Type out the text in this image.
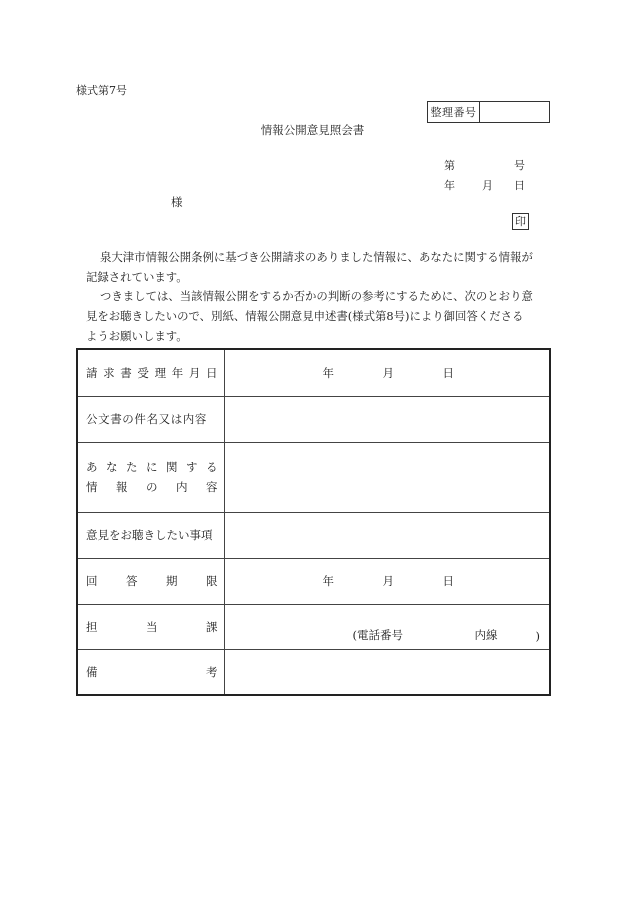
様式第7号
整理番号
情報公開意見照会書
第	号
年 月 日
様
印
泉大津市情報公開条例に基づき公開請求のありました情報に、あなたに関する情報が
記録されています。
つきましては、当該情報公開をするか否かの判断の参考にするために、次のとおり意
見をお聴きしたいので、別紙、情報公開意見申述書(様式第8号)により御回答くださる
ようお願いします。
請 求 書 受 理 年 月 日	年	月	日

公文書の件名又は内容	

あ な た に 関 す る
情 報 の 内 容

意見をお聴きしたい事項	

回 答 期 限	年 月 日

担 当 課	(電話番号 内線 )

備 考	
